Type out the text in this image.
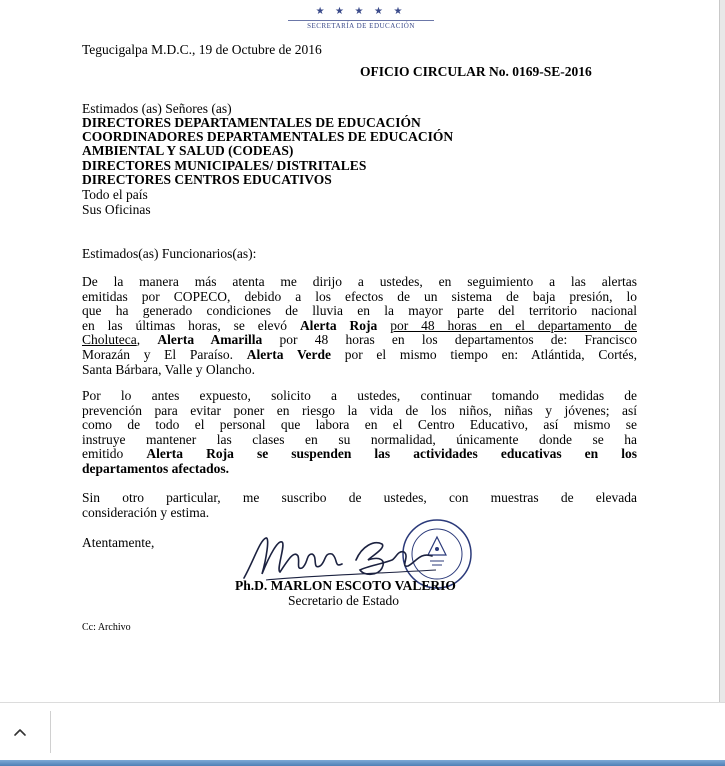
★ ★ ★ ★ ★
SECRETARÍA DE EDUCACIÓN
Tegucigalpa M.D.C., 19 de Octubre de 2016
OFICIO CIRCULAR No. 0169-SE-2016
Estimados (as) Señores (as)
DIRECTORES DEPARTAMENTALES DE EDUCACIÓN
COORDINADORES DEPARTAMENTALES DE EDUCACIÓN
AMBIENTAL Y SALUD (CODEAS)
DIRECTORES MUNICIPALES/ DISTRITALES
DIRECTORES CENTROS EDUCATIVOS
Todo el país
Sus Oficinas
Estimados(as) Funcionarios(as):
De la manera más atenta me dirijo a ustedes, en seguimiento a las alertas
emitidas por COPECO, debido a los efectos de un sistema de baja presión, lo
que ha generado condiciones de lluvia en la mayor parte del territorio nacional
en las últimas horas, se elevó Alerta Roja por 48 horas en el departamento de
Choluteca, Alerta Amarilla por 48 horas en los departamentos de: Francisco
Morazán y El Paraíso. Alerta Verde por el mismo tiempo en: Atlántida, Cortés,
Santa Bárbara, Valle y Olancho.
Por lo antes expuesto, solicito a ustedes, continuar tomando medidas de
prevención para evitar poner en riesgo la vida de los niños, niñas y jóvenes; así
como de todo el personal que labora en el Centro Educativo, así mismo se
instruye mantener las clases en su normalidad, únicamente donde se ha
emitido Alerta Roja se suspenden las actividades educativas en los
departamentos afectados.
Sin otro particular, me suscribo de ustedes, con muestras de elevada
consideración y estima.
Atentamente,
Ph.D. MARLON ESCOTO VALERIO
Secretario de Estado
Cc: Archivo
